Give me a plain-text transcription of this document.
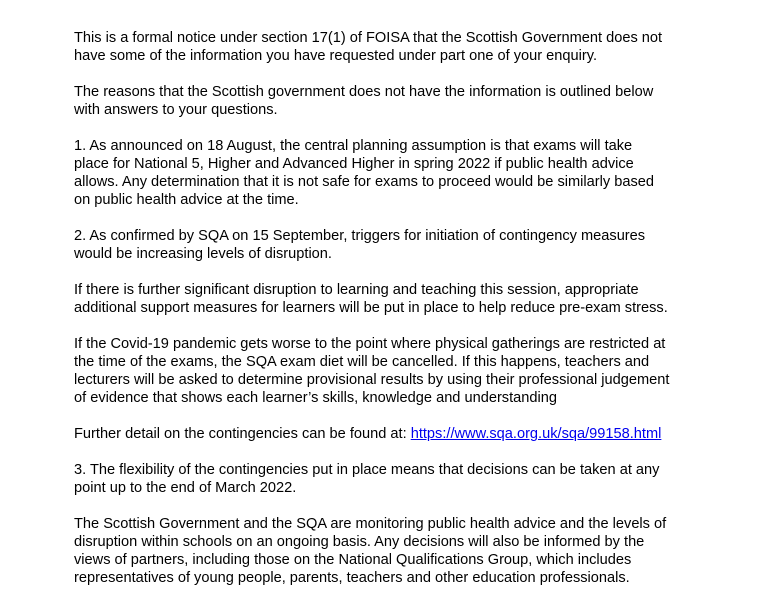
This is a formal notice under section 17(1) of FOISA that the Scottish Government does not
have some of the information you have requested under part one of your enquiry.

The reasons that the Scottish government does not have the information is outlined below
with answers to your questions.

1. As announced on 18 August, the central planning assumption is that exams will take
place for National 5, Higher and Advanced Higher in spring 2022 if public health advice
allows. Any determination that it is not safe for exams to proceed would be similarly based
on public health advice at the time.

2. As confirmed by SQA on 15 September, triggers for initiation of contingency measures
would be increasing levels of disruption.

If there is further significant disruption to learning and teaching this session, appropriate
additional support measures for learners will be put in place to help reduce pre-exam stress.

If the Covid-19 pandemic gets worse to the point where physical gatherings are restricted at
the time of the exams, the SQA exam diet will be cancelled. If this happens, teachers and
lecturers will be asked to determine provisional results by using their professional judgement
of evidence that shows each learner’s skills, knowledge and understanding

Further detail on the contingencies can be found at: https://www.sqa.org.uk/sqa/99158.html

3. The flexibility of the contingencies put in place means that decisions can be taken at any
point up to the end of March 2022.

The Scottish Government and the SQA are monitoring public health advice and the levels of
disruption within schools on an ongoing basis. Any decisions will also be informed by the
views of partners, including those on the National Qualifications Group, which includes
representatives of young people, parents, teachers and other education professionals.
